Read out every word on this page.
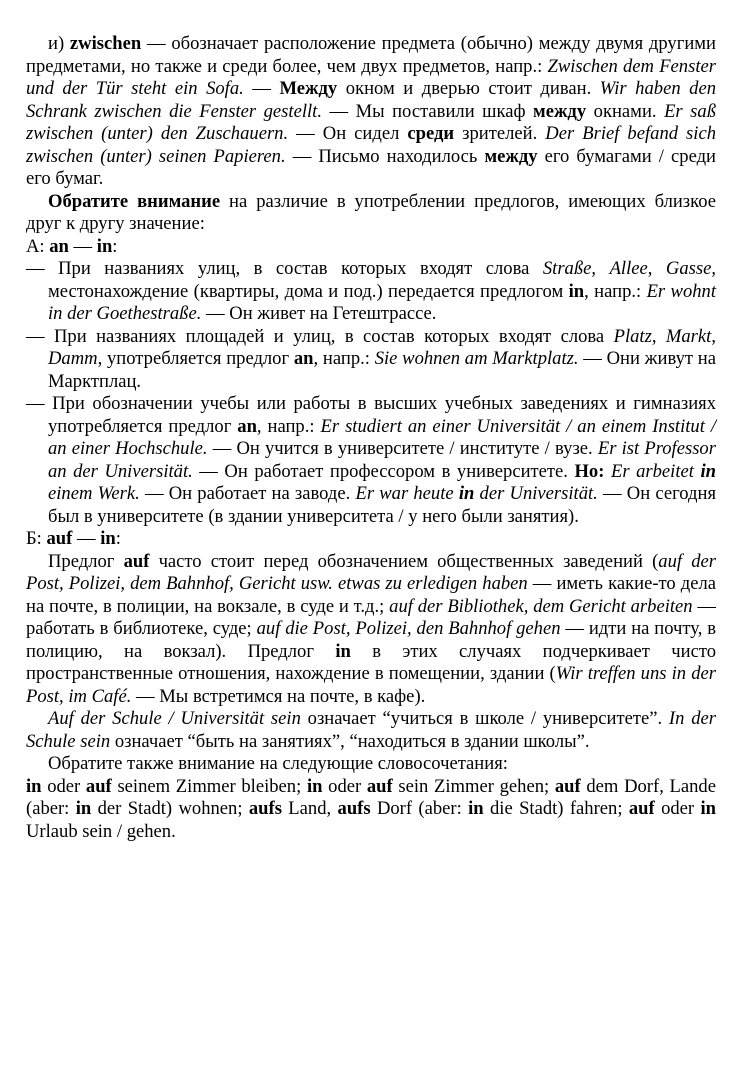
и) zwischen — обозначает расположение предмета (обычно) между двумя другими предметами, но также и среди более, чем двух предметов, напр.: Zwischen dem Fenster und der Tür steht ein Sofa. — Между окном и дверью стоит диван. Wir haben den Schrank zwischen die Fenster gestellt. — Мы поставили шкаф между окнами. Er saß zwischen (unter) den Zuschauern. — Он сидел среди зрителей. Der Brief befand sich zwischen (unter) seinen Papieren. — Письмо находилось между его бумагами / среди его бумаг.

Обратите внимание на различие в употреблении предлогов, имеющих близкое друг к другу значение:

А: an — in:

— При названиях улиц, в состав которых входят слова Straße, Allee, Gasse, местонахождение (квартиры, дома и под.) передается предлогом in, напр.: Er wohnt in der Goethestraße. — Он живет на Гетештрассе.

— При названиях площадей и улиц, в состав которых входят слова Platz, Markt, Damm, употребляется предлог an, напр.: Sie wohnen am Marktplatz. — Они живут на Марктплац.

— При обозначении учебы или работы в высших учебных заведениях и гимназиях употребляется предлог an, напр.: Er studiert an einer Universität / an einem Institut / an einer Hochschule. — Он учится в университете / институте / вузе. Er ist Professor an der Universität. — Он работает профессором в университете. Но: Er arbeitet in einem Werk. — Он работает на заводе. Er war heute in der Universität. — Он сегодня был в университете (в здании университета / у него были занятия).

Б: auf — in:

Предлог auf часто стоит перед обозначением общественных заведений (auf der Post, Polizei, dem Bahnhof, Gericht usw. etwas zu erledigen haben — иметь какие-то дела на почте, в полиции, на вокзале, в суде и т.д.; auf der Bibliothek, dem Gericht arbeiten — работать в библиотеке, суде; auf die Post, Polizei, den Bahnhof gehen — идти на почту, в полицию, на вокзал). Предлог in в этих случаях подчеркивает чисто пространственные отношения, нахождение в помещении, здании (Wir treffen uns in der Post, im Café. — Мы встретимся на почте, в кафе).

Auf der Schule / Universität sein означает “учиться в школе / университете”. In der Schule sein означает “быть на занятиях”, “находиться в здании школы”.

Обратите также внимание на следующие словосочетания:

in oder auf seinem Zimmer bleiben; in oder auf sein Zimmer gehen; auf dem Dorf, Lande (aber: in der Stadt) wohnen; aufs Land, aufs Dorf (aber: in die Stadt) fahren; auf oder in Urlaub sein / gehen.
